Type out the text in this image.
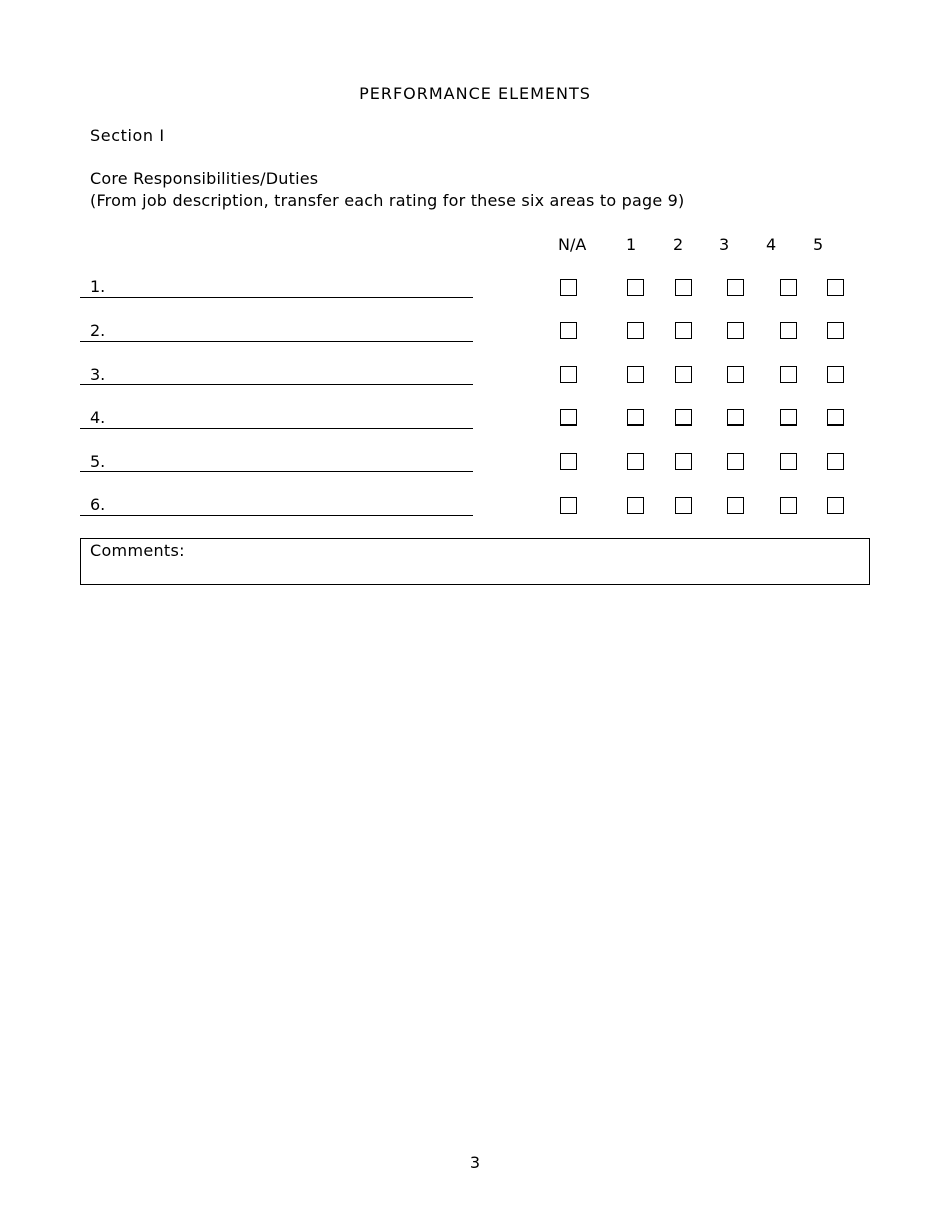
PERFORMANCE ELEMENTS
Section I
Core Responsibilities/Duties
(From job description, transfer each rating for these six areas to page 9)
N/A 1 2 3 4 5
1.
2.
3.
4.
5.
6.
Comments:
3
